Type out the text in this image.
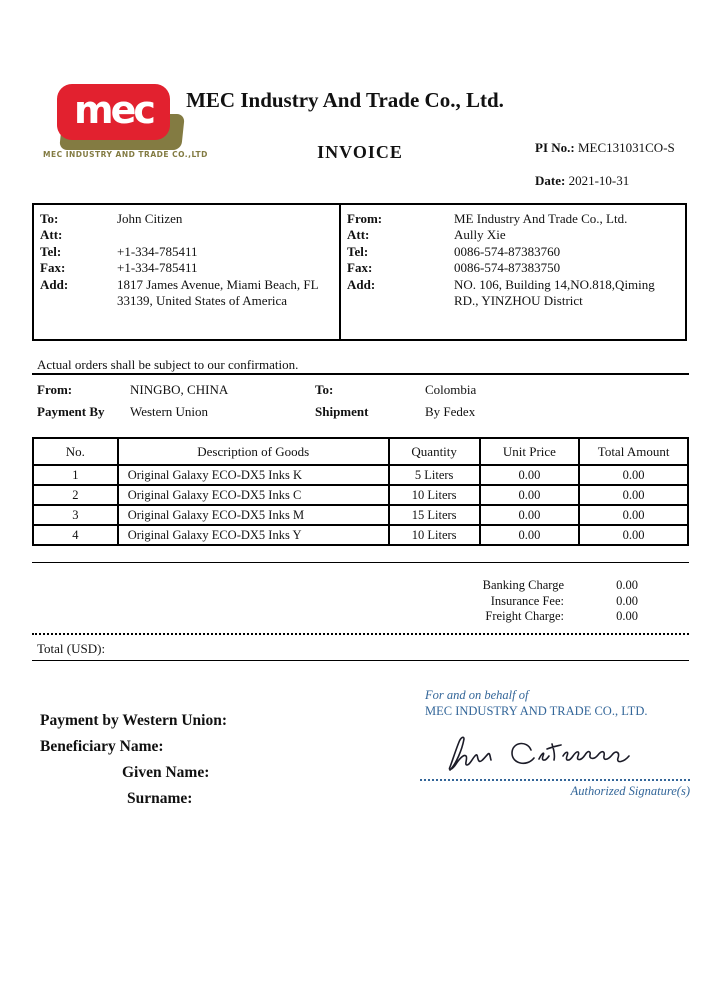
mec
MEC INDUSTRY AND TRADE CO.,LTD
MEC Industry And Trade Co., Ltd.
INVOICE	PI No.: MEC131031CO-S
Date: 2021-10-31
To:	John Citizen
Att:
Tel:	+1-334-785411
Fax:	+1-334-785411
Add:	1817 James Avenue, Miami Beach, FL 33139, United States of America
From:	ME Industry And Trade Co., Ltd.
Att:	Aully Xie
Tel:	0086-574-87383760
Fax:	0086-574-87383750
Add:	NO. 106, Building 14,NO.818,Qiming RD., YINZHOU District
Actual orders shall be subject to our confirmation.
From:	NINGBO, CHINA	To:	Colombia
Payment By	Western Union	Shipment	By Fedex
No.	Description of Goods	Quantity	Unit Price	Total Amount
1	Original Galaxy ECO-DX5 Inks K	5 Liters	0.00	0.00
2	Original Galaxy ECO-DX5 Inks C	10 Liters	0.00	0.00
3	Original Galaxy ECO-DX5 Inks M	15 Liters	0.00	0.00
4	Original Galaxy ECO-DX5 Inks Y	10 Liters	0.00	0.00
Banking Charge	0.00
Insurance Fee:	0.00
Freight Charge:	0.00
Total (USD):
Payment by Western Union:
Beneficiary Name:
Given Name:
Surname:
For and on behalf of
MEC INDUSTRY AND TRADE CO., LTD.
Authorized Signature(s)
